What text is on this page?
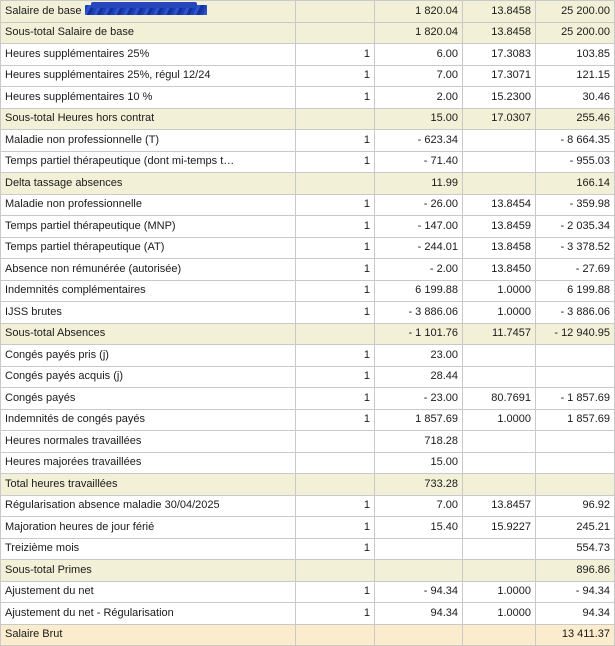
Salaire de base		1 820.04	13.8458	25 200.00
Sous-total Salaire de base		1 820.04	13.8458	25 200.00
Heures supplémentaires 25%	1	6.00	17.3083	103.85
Heures supplémentaires 25%, régul 12/24	1	7.00	17.3071	121.15
Heures supplémentaires 10 %	1	2.00	15.2300	30.46
Sous-total Heures hors contrat		15.00	17.0307	255.46
Maladie non professionnelle (T)	1	- 623.34		- 8 664.35
Temps partiel thérapeutique (dont mi-temps t…	1	- 71.40		- 955.03
Delta tassage absences		11.99		166.14
Maladie non professionnelle	1	- 26.00	13.8454	- 359.98
Temps partiel thérapeutique (MNP)	1	- 147.00	13.8459	- 2 035.34
Temps partiel thérapeutique (AT)	1	- 244.01	13.8458	- 3 378.52
Absence non rémunérée (autorisée)	1	- 2.00	13.8450	- 27.69
Indemnités complémentaires	1	6 199.88	1.0000	6 199.88
IJSS brutes	1	- 3 886.06	1.0000	- 3 886.06
Sous-total Absences		- 1 101.76	11.7457	- 12 940.95
Congés payés pris (j)	1	23.00		
Congés payés acquis (j)	1	28.44		
Congés payés	1	- 23.00	80.7691	- 1 857.69
Indemnités de congés payés	1	1 857.69	1.0000	1 857.69
Heures normales travaillées		718.28		
Heures majorées travaillées		15.00		
Total heures travaillées		733.28		
Régularisation absence maladie 30/04/2025	1	7.00	13.8457	96.92
Majoration heures de jour férié	1	15.40	15.9227	245.21
Treizième mois	1			554.73
Sous-total Primes				896.86
Ajustement du net	1	- 94.34	1.0000	- 94.34
Ajustement du net - Régularisation	1	94.34	1.0000	94.34
Salaire Brut				13 411.37
